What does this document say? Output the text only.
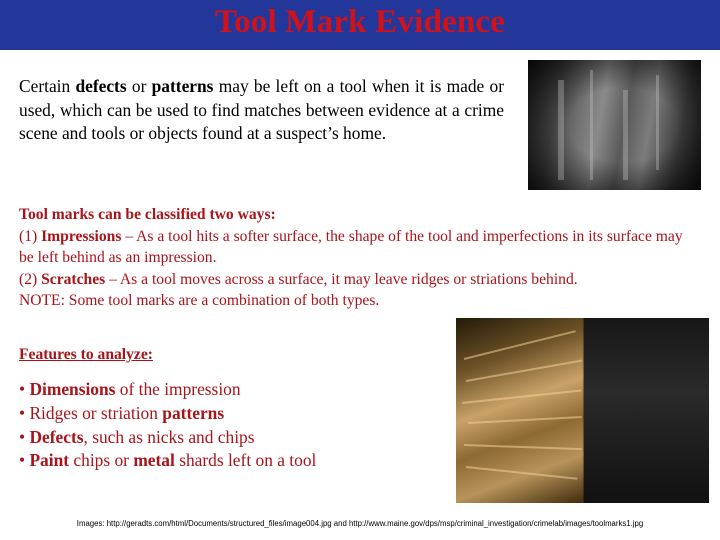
Tool Mark Evidence
Certain defects or patterns may be left on a tool when it is made or used, which can be used to find matches between evidence at a crime scene and tools or objects found at a suspect’s home.

Tool marks can be classified two ways:

(1) Impressions – As a tool hits a softer surface, the shape of the tool and imperfections in its surface may be left behind as an impression.

(2) Scratches – As a tool moves across a surface, it may leave ridges or striations behind.

NOTE: Some tool marks are a combination of both types.

Features to analyze:
• Dimensions of the impression
• Ridges or striation patterns
• Defects, such as nicks and chips
• Paint chips or metal shards left on a tool
Images: http://geradts.com/html/Documents/structured_files/image004.jpg and http://www.maine.gov/dps/msp/criminal_investigation/crimelab/images/toolmarks1.jpg
